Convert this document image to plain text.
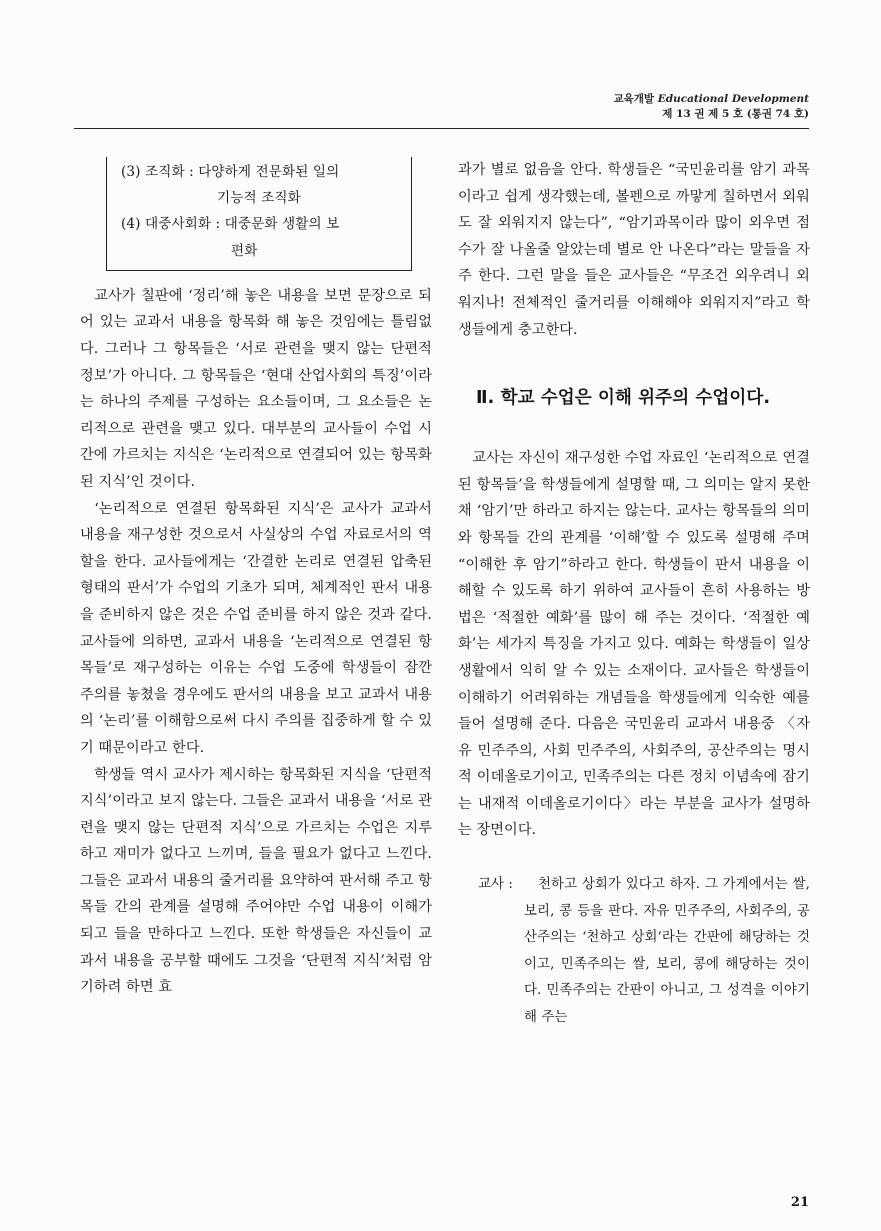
교육개발 Educational Development
제 13 권 제 5 호 (통권 74 호)
(3) 조직화 : 다양하게 전문화된 일의
기능적 조직화
(4) 대중사회화 : 대중문화 생활의 보
편화

교사가 칠판에 ‘정리’해 놓은 내용을 보면 문장으로 되어 있는 교과서 내용을 항목화 해 놓은 것임에는 틀림없다. 그러나 그 항목들은 ‘서로 관련을 맺지 않는 단편적 정보’가 아니다. 그 항목들은 ‘현대 산업사회의 특징’이라는 하나의 주제를 구성하는 요소들이며, 그 요소들은 논리적으로 관련을 맺고 있다. 대부분의 교사들이 수업 시간에 가르치는 지식은 ‘논리적으로 연결되어 있는 항목화된 지식’인 것이다.

‘논리적으로 연결된 항목화된 지식’은 교사가 교과서 내용을 재구성한 것으로서 사실상의 수업 자료로서의 역할을 한다. 교사들에게는 ‘간결한 논리로 연결된 압축된 형태의 판서’가 수업의 기초가 되며, 체계적인 판서 내용을 준비하지 않은 것은 수업 준비를 하지 않은 것과 같다. 교사들에 의하면, 교과서 내용을 ‘논리적으로 연결된 항목들’로 재구성하는 이유는 수업 도중에 학생들이 잠깐 주의를 놓쳤을 경우에도 판서의 내용을 보고 교과서 내용의 ‘논리’를 이해함으로써 다시 주의를 집중하게 할 수 있기 때문이라고 한다.

학생들 역시 교사가 제시하는 항목화된 지식을 ‘단편적 지식’이라고 보지 않는다. 그들은 교과서 내용을 ‘서로 관련을 맺지 않는 단편적 지식’으로 가르치는 수업은 지루하고 재미가 없다고 느끼며, 들을 필요가 없다고 느낀다. 그들은 교과서 내용의 줄거리를 요약하여 판서해 주고 항목들 간의 관계를 설명해 주어야만 수업 내용이 이해가 되고 들을 만하다고 느낀다. 또한 학생들은 자신들이 교과서 내용을 공부할 때에도 그것을 ‘단편적 지식’처럼 암기하려 하면 효

과가 별로 없음을 안다. 학생들은 “국민윤리를 암기 과목이라고 쉽게 생각했는데, 볼펜으로 까맣게 칠하면서 외워도 잘 외워지지 않는다”, “암기과목이라 많이 외우면 점수가 잘 나올줄 알았는데 별로 안 나온다”라는 말들을 자주 한다. 그런 말을 들은 교사들은 “무조건 외우려니 외워지나! 전체적인 줄거리를 이해해야 외워지지”라고 학생들에게 충고한다.

Ⅱ. 학교 수업은 이해 위주의 수업이다.

교사는 자신이 재구성한 수업 자료인 ‘논리적으로 연결된 항목들’을 학생들에게 설명할 때, 그 의미는 알지 못한 채 ‘암기’만 하라고 하지는 않는다. 교사는 항목들의 의미와 항목들 간의 관계를 ‘이해’할 수 있도록 설명해 주며 “이해한 후 암기”하라고 한다. 학생들이 판서 내용을 이해할 수 있도록 하기 위하여 교사들이 흔히 사용하는 방법은 ‘적절한 예화’를 많이 해 주는 것이다. ‘적절한 예화’는 세가지 특징을 가지고 있다. 예화는 학생들이 일상 생활에서 익히 알 수 있는 소재이다. 교사들은 학생들이 이해하기 어려워하는 개념들을 학생들에게 익숙한 예를 들어 설명해 준다. 다음은 국민윤리 교과서 내용중 〈자유 민주주의, 사회 민주주의, 사회주의, 공산주의는 명시적 이데올로기이고, 민족주의는 다른 정치 이념속에 잠기는 내재적 이데올로기이다〉라는 부분을 교사가 설명하는 장면이다.

교사 :	천하고 상회가 있다고 하자. 그 가게에서는 쌀, 보리, 콩 등을 판다. 자유 민주주의, 사회주의, 공산주의는 ‘천하고 상회’라는 간판에 해당하는 것이고, 민족주의는 쌀, 보리, 콩에 해당하는 것이다. 민족주의는 간판이 아니고, 그 성격을 이야기 해 주는
21
